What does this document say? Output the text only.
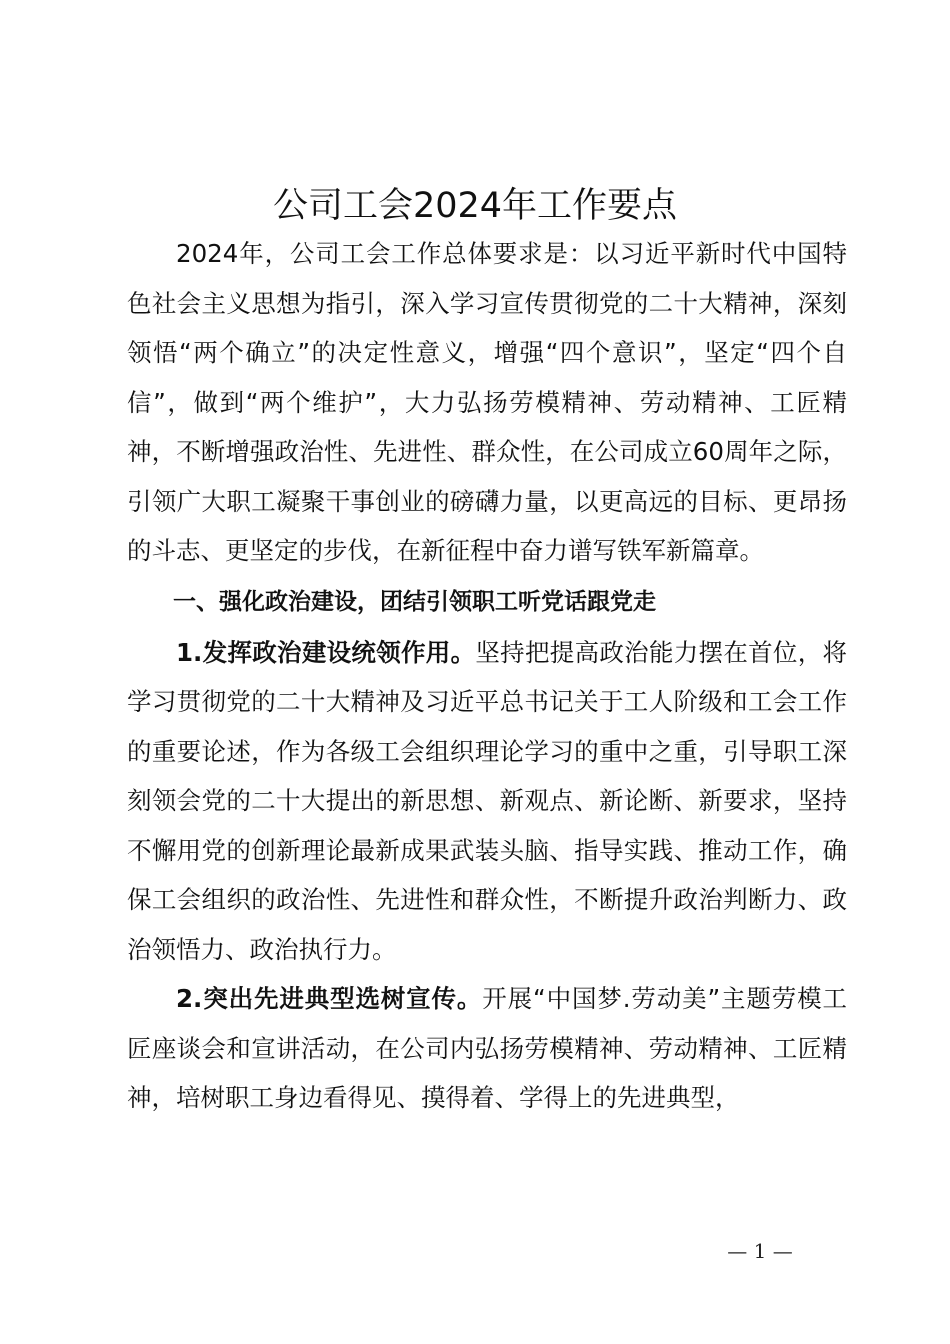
公司工会2024年工作要点

2024年，公司工会工作总体要求是：以习近平新时代中国特色社会主义思想为指引，深入学习宣传贯彻党的二十大精神，深刻领悟“两个确立”的决定性意义，增强“四个意识”，坚定“四个自信”，做到“两个维护”，大力弘扬劳模精神、劳动精神、工匠精神，不断增强政治性、先进性、群众性，在公司成立60周年之际，引领广大职工凝聚干事创业的磅礴力量，以更高远的目标、更昂扬的斗志、更坚定的步伐，在新征程中奋力谱写铁军新篇章。

一、强化政治建设，团结引领职工听党话跟党走

1.发挥政治建设统领作用。坚持把提高政治能力摆在首位，将学习贯彻党的二十大精神及习近平总书记关于工人阶级和工会工作的重要论述，作为各级工会组织理论学习的重中之重，引导职工深刻领会党的二十大提出的新思想、新观点、新论断、新要求，坚持不懈用党的创新理论最新成果武装头脑、指导实践、推动工作，确保工会组织的政治性、先进性和群众性，不断提升政治判断力、政治领悟力、政治执行力。

2.突出先进典型选树宣传。开展“中国梦.劳动美”主题劳模工匠座谈会和宣讲活动，在公司内弘扬劳模精神、劳动精神、工匠精神，培树职工身边看得见、摸得着、学得上的先进典型，

— 1 —
